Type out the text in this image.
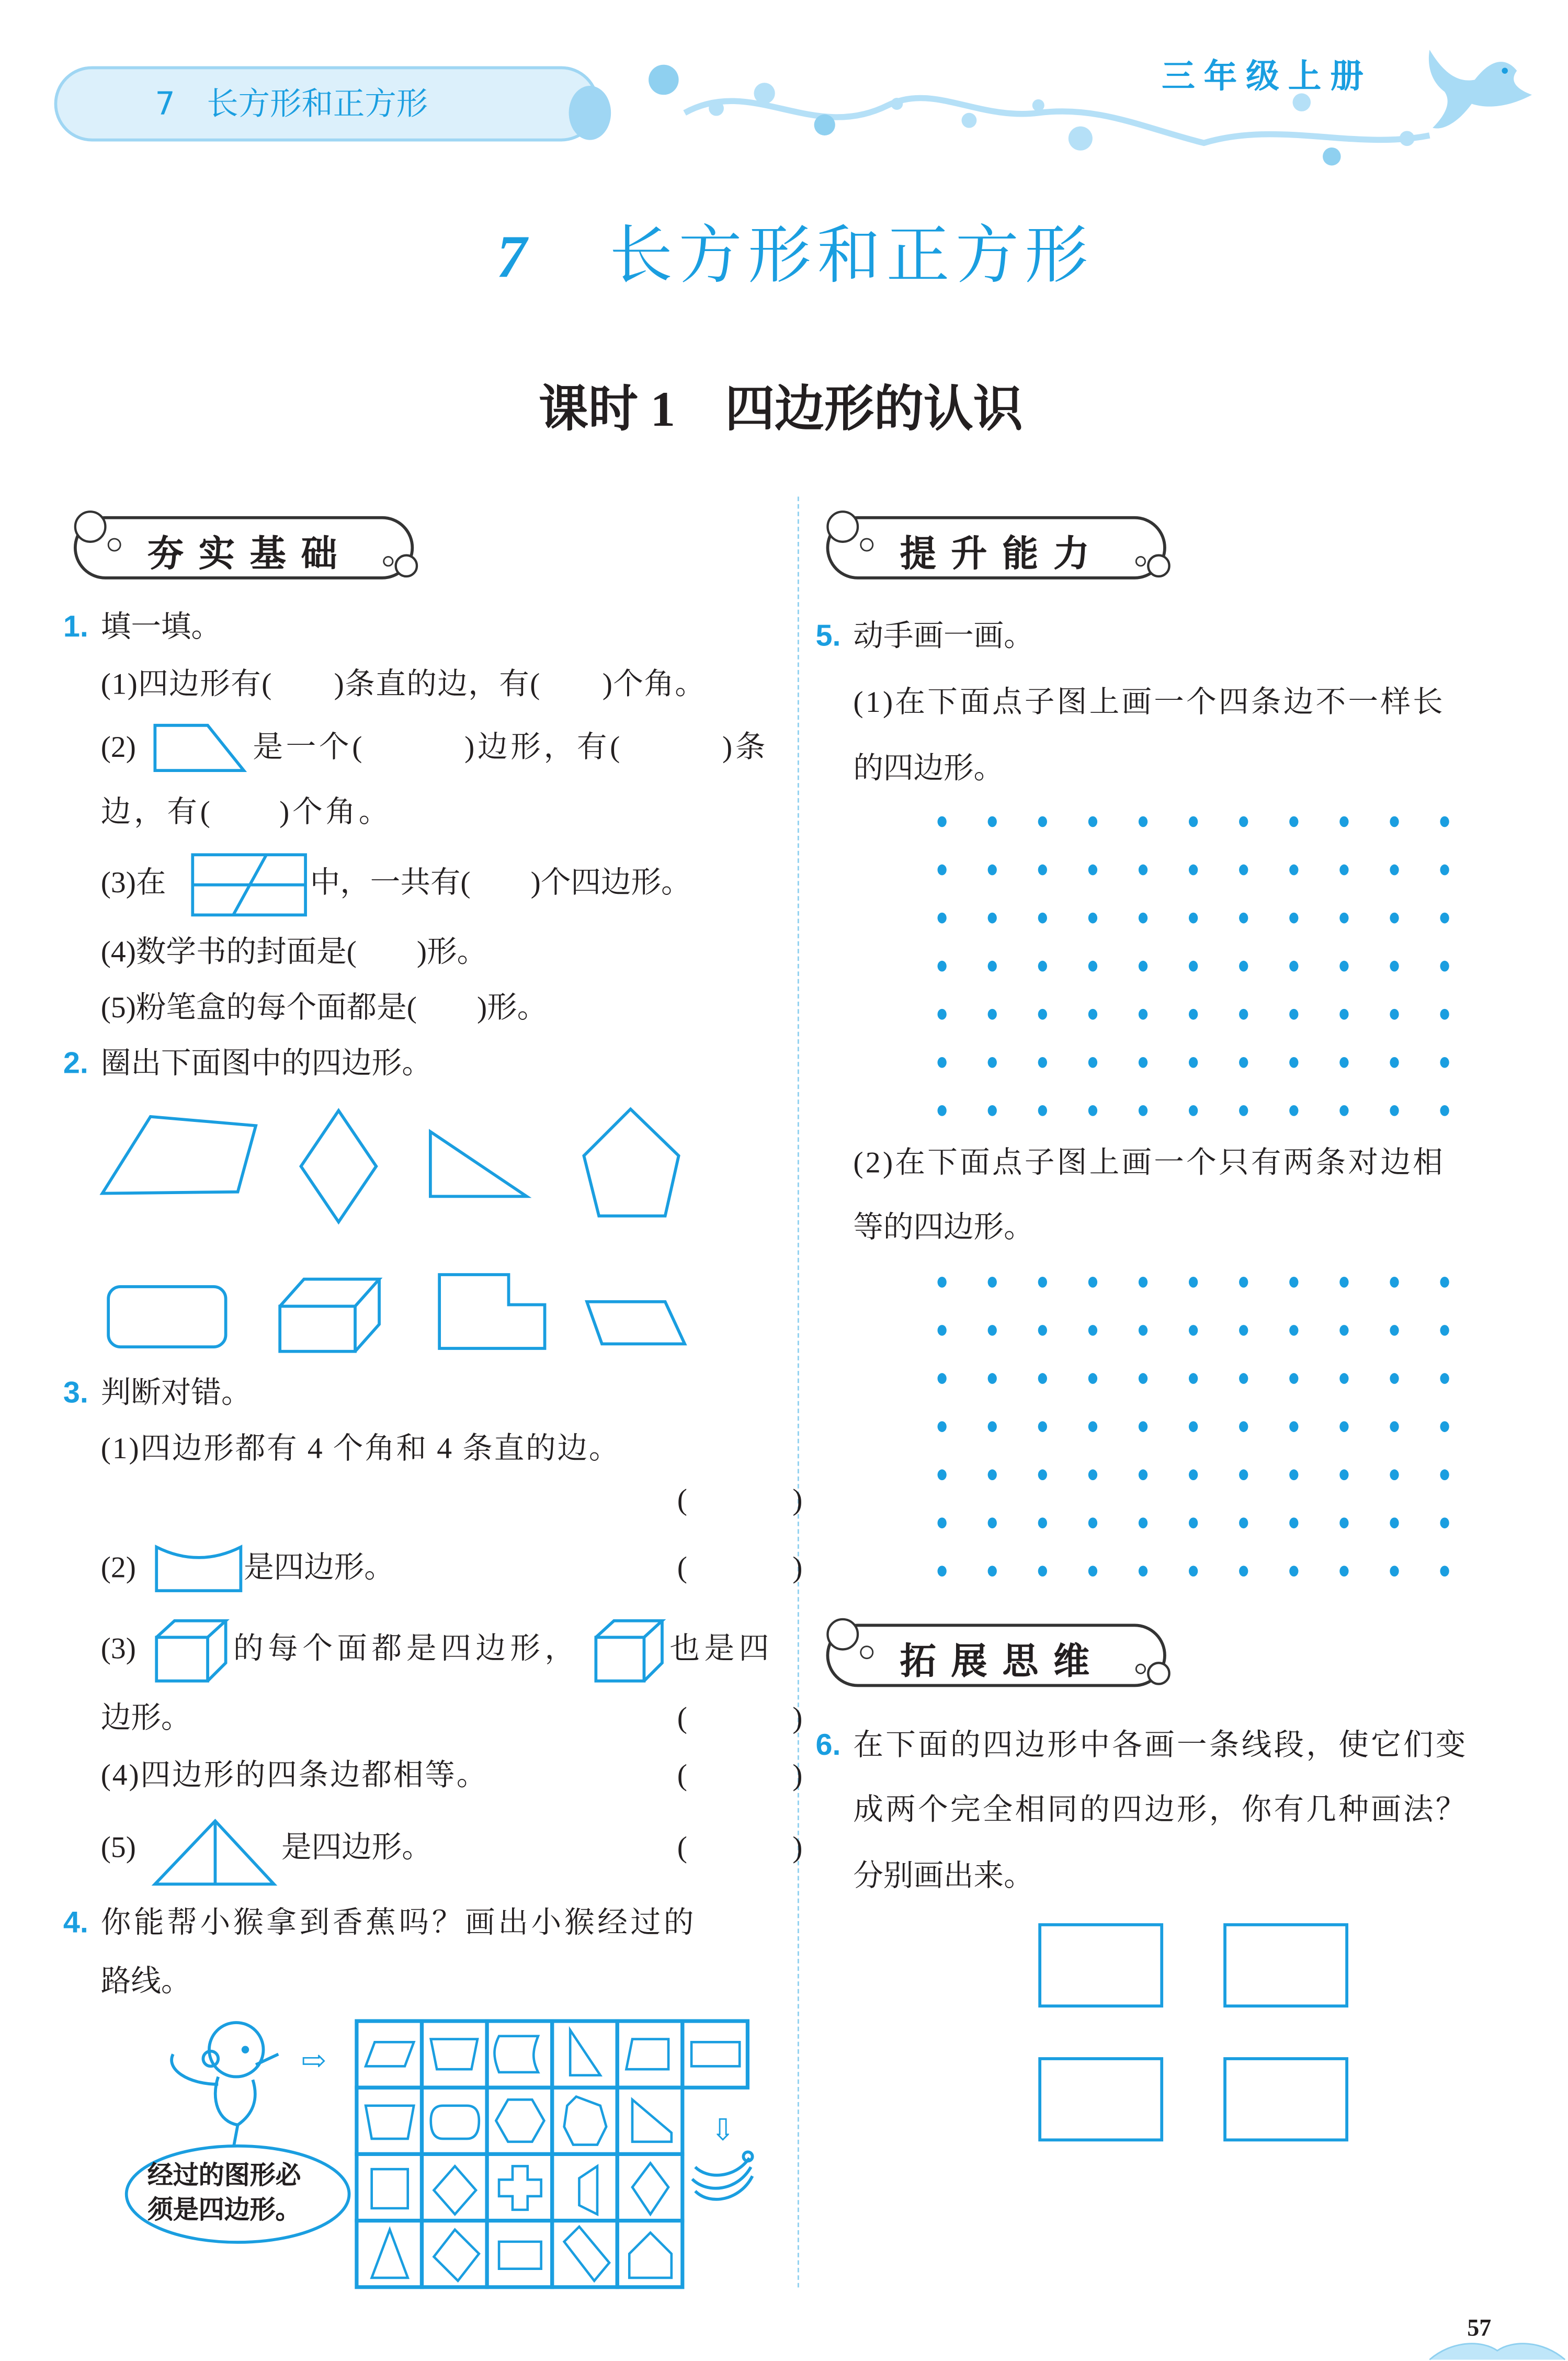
7　长方形和正方形
三年级上册
7	长方形和正方形
课时 1　四边形的认识
夯实基础	提升能力
拓展思维
1. 填一填。
(1)四边形有(　　)条直的边，有(　　)个角。
(2)	是一个(　　　)边形，有(　　　)条
边，有(　　)个角。
(3)在	中，一共有(　　)个四边形。
(4)数学书的封面是(　　)形。
(5)粉笔盒的每个面都是(　　)形。
2. 圈出下面图中的四边形。
3. 判断对错。
(1)四边形都有 4 个角和 4 条直的边。
(　　)
(2)	是四边形。	(　　)
(3)	的每个面都是四边形，	也是四
边形。	(　　)
(4)四边形的四条边都相等。	(　　)
(5)	是四边形。	(　　)
4. 你能帮小猴拿到香蕉吗？画出小猴经过的
路线。
经过的图形必
须是四边形。
⇨
⇩
5. 动手画一画。
(1)在下面点子图上画一个四条边不一样长
的四边形。
(2)在下面点子图上画一个只有两条对边相
等的四边形。
6. 在下面的四边形中各画一条线段，使它们变
成两个完全相同的四边形，你有几种画法？
分别画出来。
57
